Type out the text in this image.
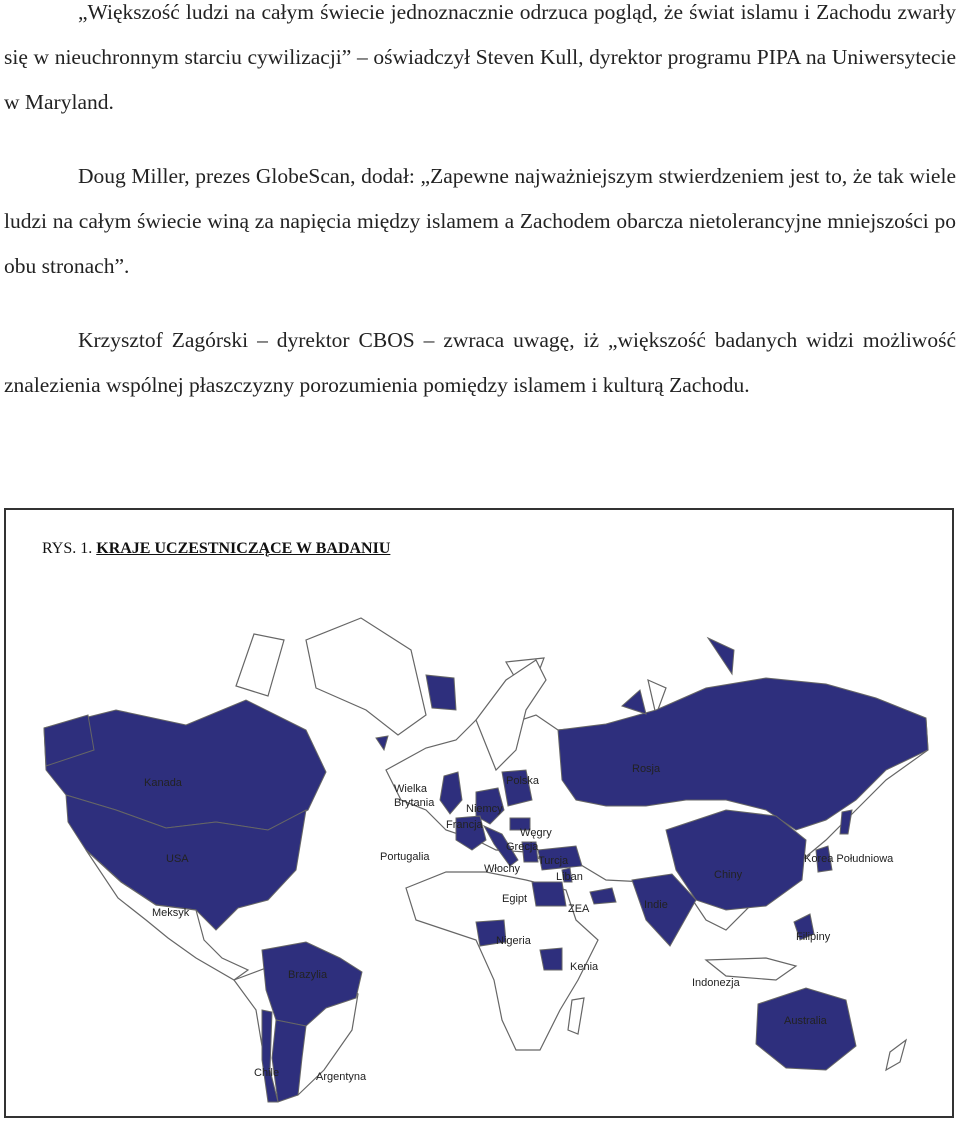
„Większość ludzi na całym świecie jednoznacznie odrzuca pogląd, że świat islamu i Zachodu zwarły się w nieuchronnym starciu cywilizacji” – oświadczył Steven Kull, dyrektor programu PIPA na Uniwersytecie w Maryland.

Doug Miller, prezes GlobeScan, dodał: „Zapewne najważniejszym stwierdzeniem jest to, że tak wiele ludzi na całym świecie winą za napięcia między islamem a Zachodem obarcza nietolerancyjne mniejszości po obu stronach”.

Krzysztof Zagórski – dyrektor CBOS – zwraca uwagę, iż „większość badanych widzi możliwość znalezienia wspólnej płaszczyzny porozumienia pomiędzy islamem i kulturą Zachodu.

RYS. 1. KRAJE UCZESTNICZĄCE W BADANIU
Kanada
USA
Meksyk
Brazylia
Chile	Argentyna
Wielka
Brytania
Polska
Niemcy
Francja
Węgry
Grecja
Portugalia
Włochy
Turcja
Liban
Egipt
ZEA
Nigeria
Kenia
Rosja
Chiny
Korea Południowa
Indie
Filipiny
Indonezja
Australia
